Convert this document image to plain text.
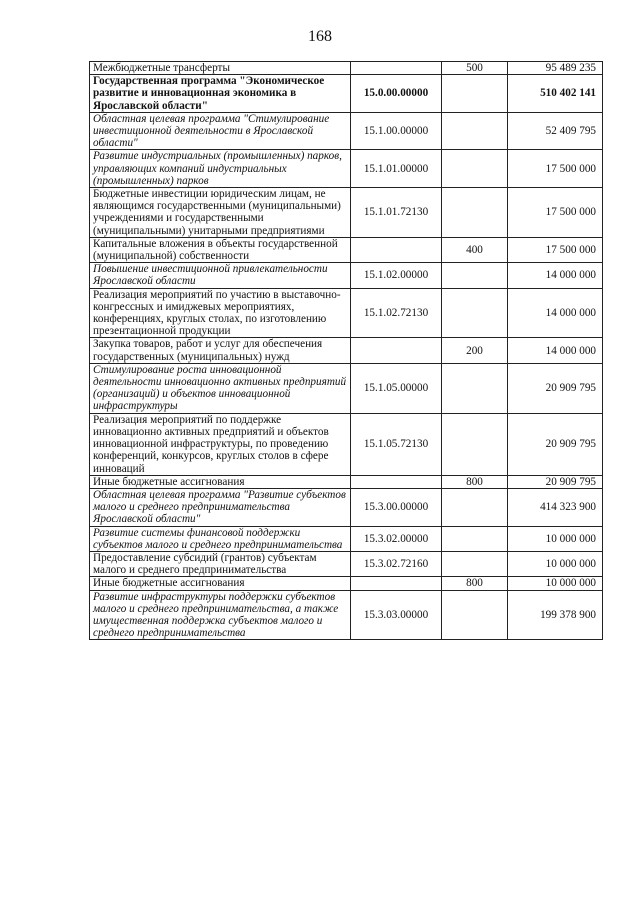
168
Межбюджетные трансферты		500	95 489 235
Государственная программа "Экономическое развитие и инновационная экономика в Ярославской области"	15.0.00.00000		510 402 141
Областная целевая программа "Стимулирование инвестиционной деятельности в Ярославской области"	15.1.00.00000		52 409 795
Развитие индустриальных (промышленных) парков, управляющих компаний индустриальных (промышленных) парков	15.1.01.00000		17 500 000
Бюджетные инвестиции юридическим лицам, не являющимся государственными (муниципальными) учреждениями и государственными (муниципальными) унитарными предприятиями	15.1.01.72130		17 500 000
Капитальные вложения в объекты государственной (муниципальной) собственности		400	17 500 000
Повышение инвестиционной привлекательности Ярославской области	15.1.02.00000		14 000 000
Реализация мероприятий по участию в выставочно-конгрессных и имиджевых мероприятиях, конференциях, круглых столах, по изготовлению презентационной продукции	15.1.02.72130		14 000 000
Закупка товаров, работ и услуг для обеспечения государственных (муниципальных) нужд		200	14 000 000
Стимулирование роста инновационной деятельности инновационно активных предприятий (организаций) и объектов инновационной инфраструктуры	15.1.05.00000		20 909 795
Реализация мероприятий по поддержке инновационно активных предприятий и объектов инновационной инфраструктуры, по проведению конференций, конкурсов, круглых столов в сфере инноваций	15.1.05.72130		20 909 795
Иные бюджетные ассигнования		800	20 909 795
Областная целевая программа "Развитие субъектов малого и среднего предпринимательства Ярославской области"	15.3.00.00000		414 323 900
Развитие системы финансовой поддержки субъектов малого и среднего предпринимательства	15.3.02.00000		10 000 000
Предоставление субсидий (грантов) субъектам малого и среднего предпринимательства	15.3.02.72160		10 000 000
Иные бюджетные ассигнования		800	10 000 000
Развитие инфраструктуры поддержки субъектов малого и среднего предпринимательства, а также имущественная поддержка субъектов малого и среднего предпринимательства	15.3.03.00000		199 378 900
